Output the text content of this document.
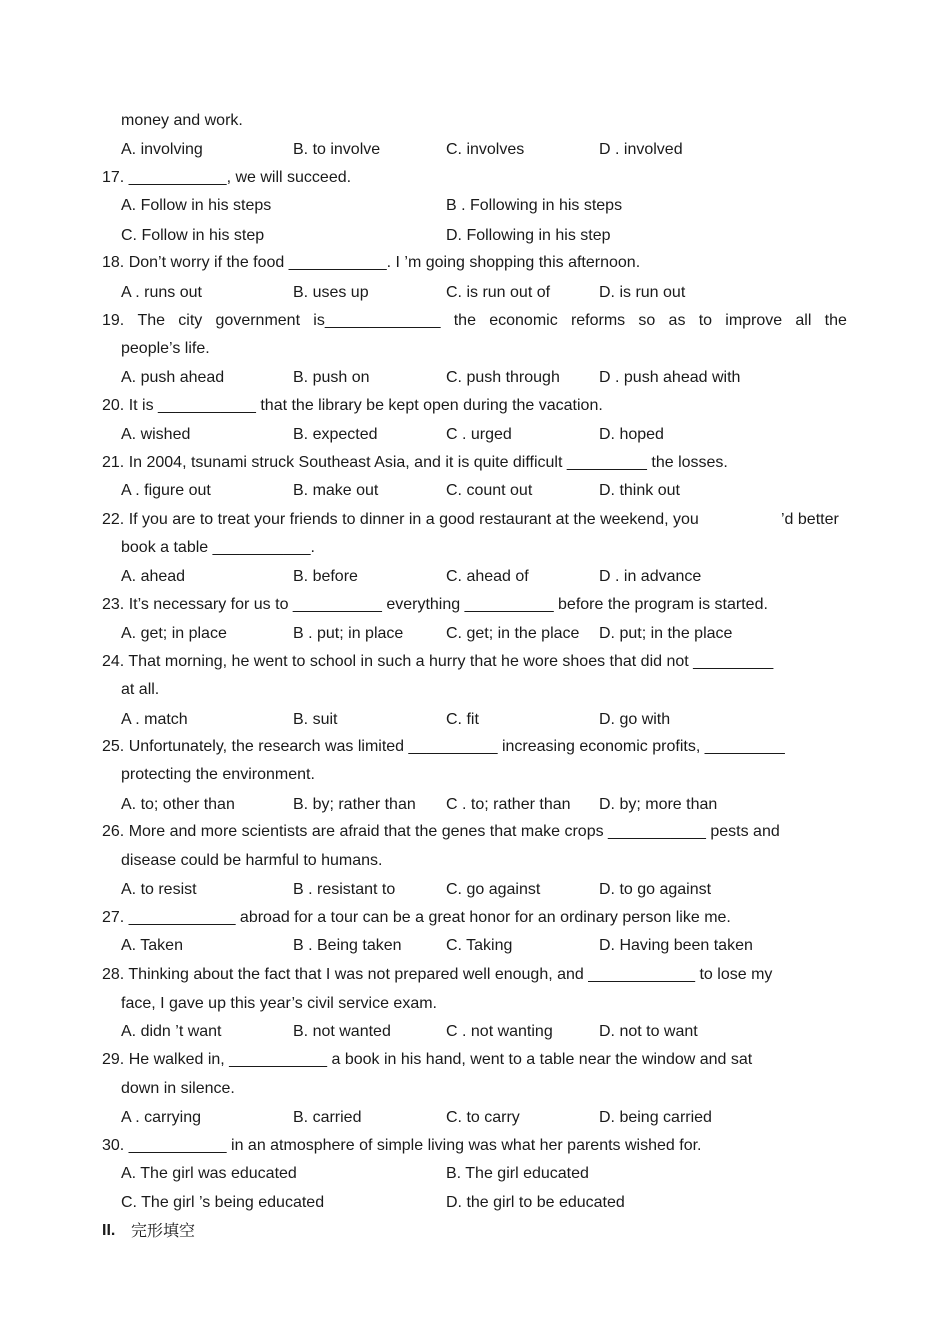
money and work.
A. involving	B. to involve	C. involves	D . involved
17. ___________, we will succeed.
A. Follow in his steps	B . Following in his steps
C. Follow in his step	D. Following in his step
18. Don’t worry if the food ___________. I ’m going shopping this afternoon.
A . runs out	B. uses up	C. is run out of	D. is run out
19. The city government is_____________ the economic reforms so as to improve all the
people’s life.
A. push ahead	B. push on	C. push through D . push ahead with
20. It is ___________ that the library be kept open during the vacation.
A. wished	B. expected	C . urged	D. hoped
21. In 2004, tsunami struck Southeast Asia, and it is quite difficult _________ the losses.
A . figure out	B. make out	C. count out	D. think out
22. If you are to treat your friends to dinner in a good restaurant at the weekend, you	’d better
book a table ___________.
A. ahead	B. before	C. ahead of	D . in advance
23. It’s necessary for us to __________ everything __________ before the program is started.
A. get; in place	B . put; in place	C. get; in the place D. put; in the place
24. That morning, he went to school in such a hurry that he wore shoes that did not _________
at all.
A . match	B. suit	C. fit	D. go with
25. Unfortunately, the research was limited __________ increasing economic profits, _________
protecting the environment.
A. to; other than	B. by; rather than C . to; rather than D. by; more than
26. More and more scientists are afraid that the genes that make crops ___________ pests and
disease could be harmful to humans.
A. to resist	B . resistant to	C. go against	D. to go against
27. ____________ abroad for a tour can be a great honor for an ordinary person like me.
A. Taken	B . Being taken	C. Taking	D. Having been taken
28. Thinking about the fact that I was not prepared well enough, and ____________ to lose my
face, I gave up this year’s civil service exam.
A. didn ’t want	B. not wanted	C . not wanting	D. not to want
29. He walked in, ___________ a book in his hand, went to a table near the window and sat
down in silence.
A . carrying	B. carried	C. to carry	D. being carried
30. ___________ in an atmosphere of simple living was what her parents wished for.
A. The girl was educated	B. The girl educated
C. The girl ’s being educated	D. the girl to be educated
II. 完形填空
